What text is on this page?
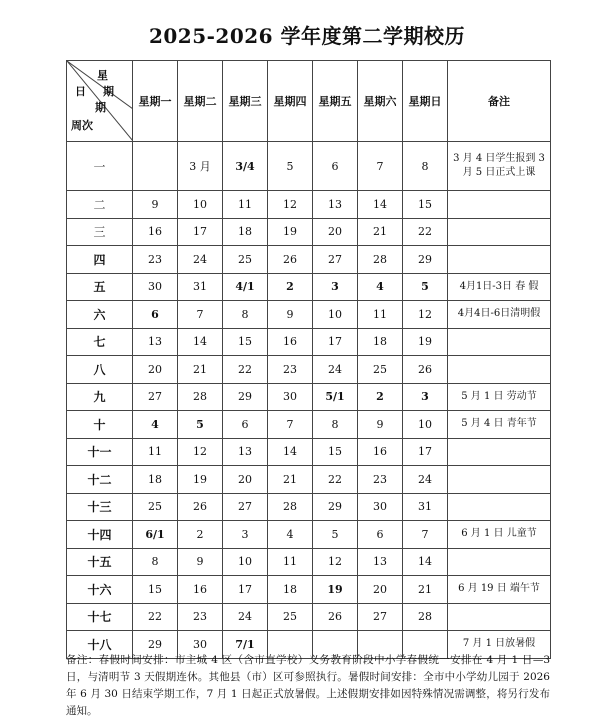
2025-2026 学年度第二学期校历
星
日 期
期
周次	星期一	星期二	星期三	星期四	星期五	星期六	星期日	备注
一		3 月	3/4	5	6	7	8	3 月 4 日学生报到 3 月 5 日正式上课
二	9	10	11	12	13	14	15	
三	16	17	18	19	20	21	22	
四	23	24	25	26	27	28	29	
五	30	31	4/1	2	3	4	5	4月1日-3日 春 假
六	6	7	8	9	10	11	12	4月4日-6日清明假
七	13	14	15	16	17	18	19	
八	20	21	22	23	24	25	26	
九	27	28	29	30	5/1	2	3	5 月 1 日 劳动节
十	4	5	6	7	8	9	10	5 月 4 日 青年节
十一	11	12	13	14	15	16	17	
十二	18	19	20	21	22	23	24	
十三	25	26	27	28	29	30	31	
十四	6/1	2	3	4	5	6	7	6 月 1 日 儿童节
十五	8	9	10	11	12	13	14	
十六	15	16	17	18	19	20	21	6 月 19 日 端午节
十七	22	23	24	25	26	27	28	
十八	29	30	7/1					7 月 1 日放暑假
备注：春假时间安排：市主城 4 区（含市直学校）义务教育阶段中小学春假统一安排在 4 月 1 日—3 日，与清明节 3 天假期连休。其他县（市）区可参照执行。暑假时间安排：全市中小学幼儿园于 2026 年 6 月 30 日结束学期工作，7 月 1 日起正式放暑假。上述假期安排如因特殊情况需调整，将另行发布通知。
